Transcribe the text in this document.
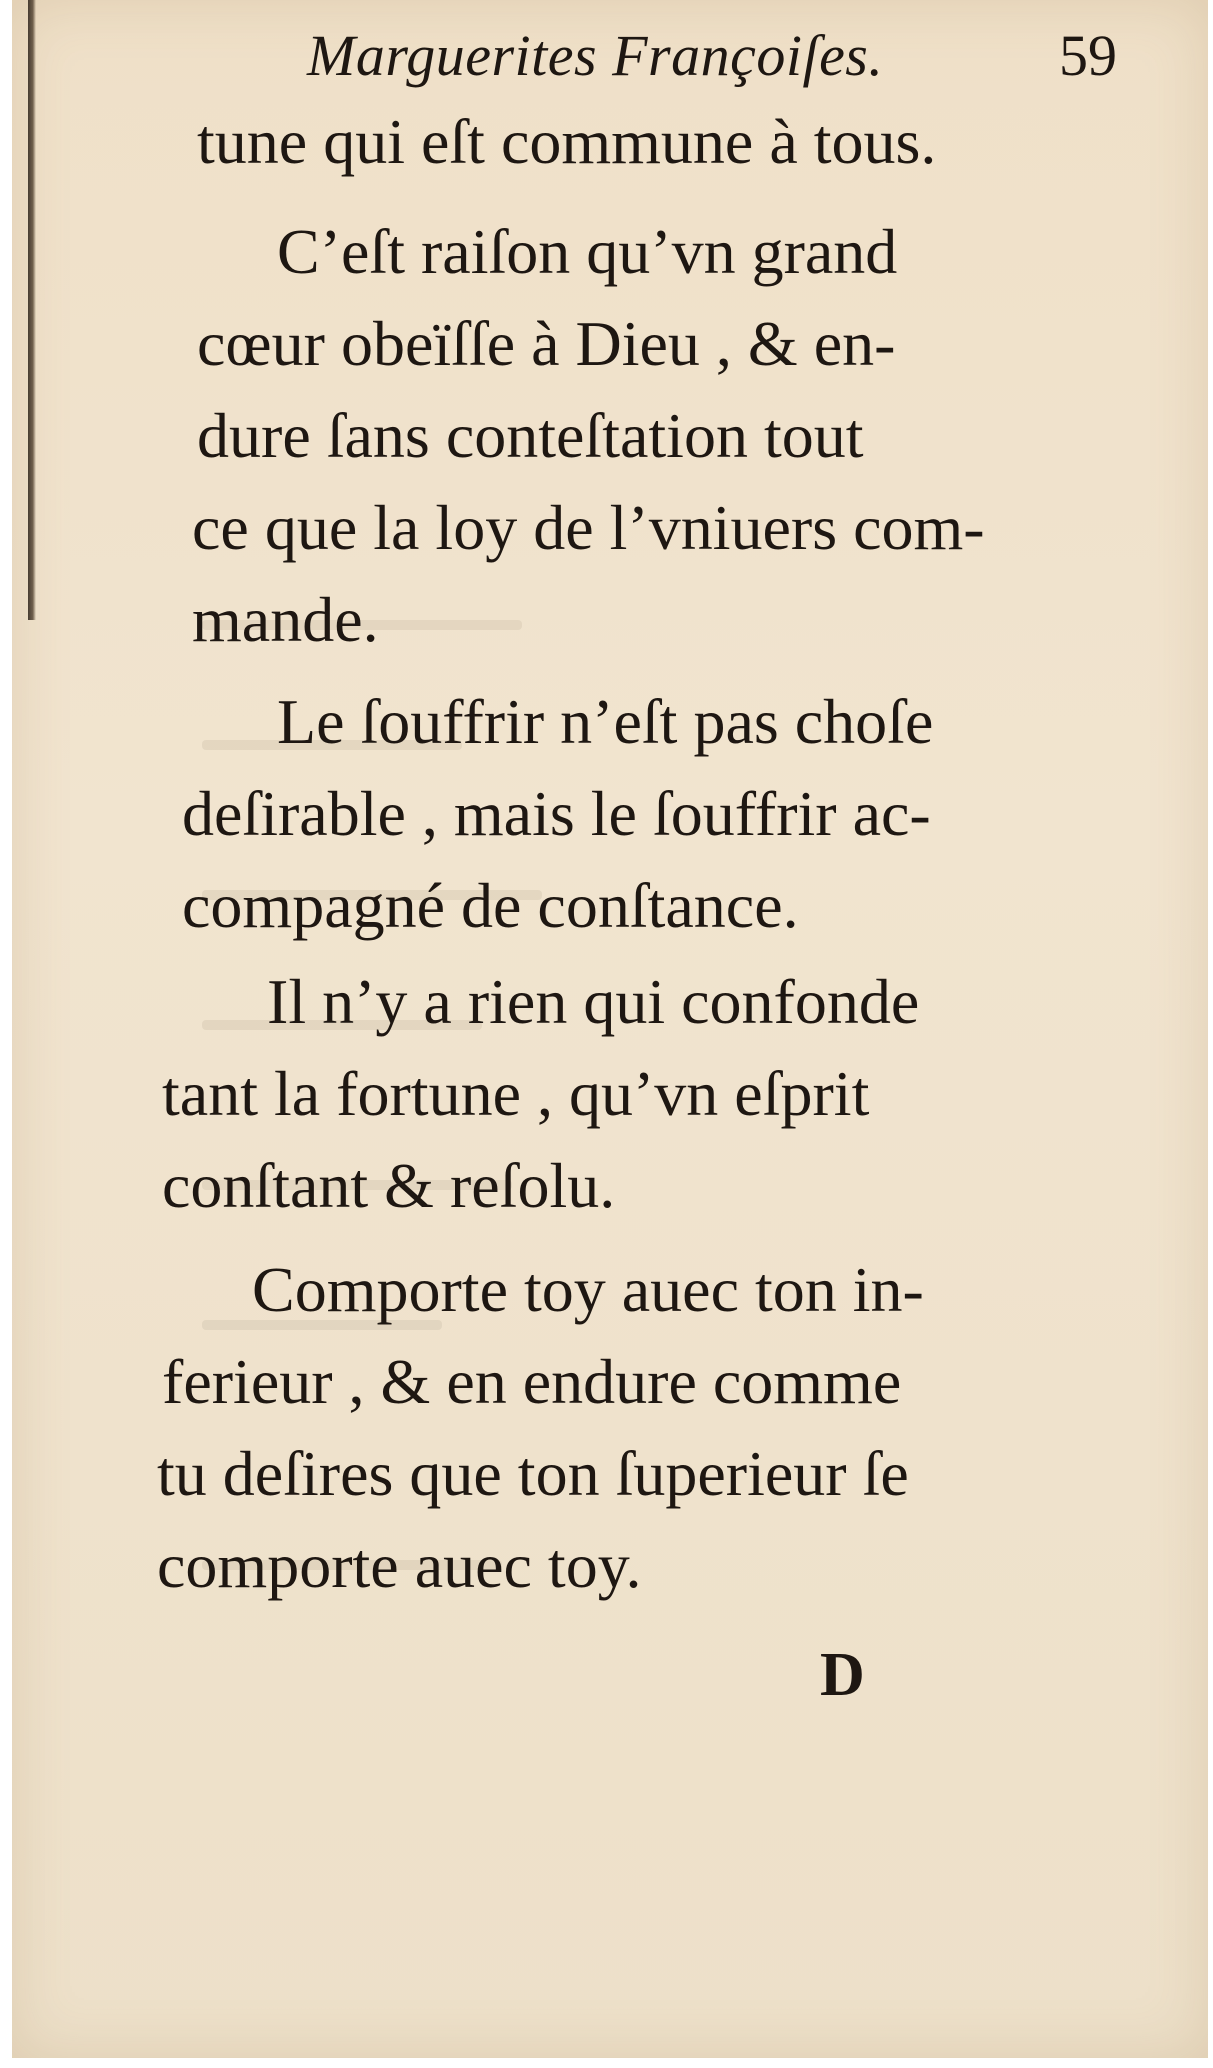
Marguerites Françoiſes.	59
tune qui eſt commune à tous.
C’eſt raiſon qu’vn grand
cœur obeïſſe à Dieu , & en-
dure ſans conteſtation tout
ce que la loy de l’vniuers com-
mande.
Le ſouffrir n’eſt pas choſe
deſirable , mais le ſouffrir ac-
compagné de conſtance.
Il n’y a rien qui confonde
tant la fortune , qu’vn eſprit
conſtant & reſolu.
Comporte toy auec ton in-
ferieur , & en endure comme
tu deſires que ton ſuperieur ſe
comporte auec toy.
D
